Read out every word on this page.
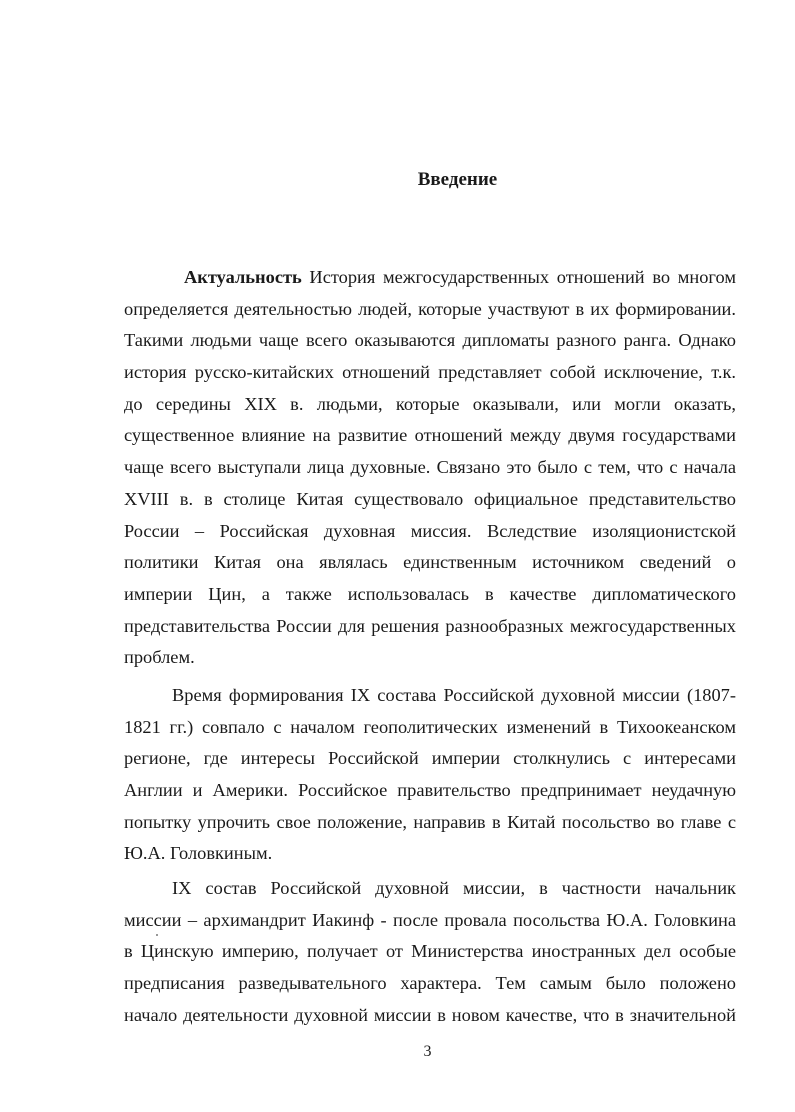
Введение
Актуальность История межгосударственных отношений во многом
определяется деятельностью людей, которые участвуют в их формировании.
Такими людьми чаще всего оказываются дипломаты разного ранга. Однако
история русско-китайских отношений представляет собой исключение, т.к.
до середины XIX в. людьми, которые оказывали, или могли оказать,
существенное влияние на развитие отношений между двумя государствами
чаще всего выступали лица духовные. Связано это было с тем, что с начала
XVIII в. в столице Китая существовало официальное представительство
России – Российская духовная миссия. Вследствие изоляционистской
политики Китая она являлась единственным источником сведений о
империи Цин, а также использовалась в качестве дипломатического
представительства России для решения разнообразных межгосударственных
проблем.
Время формирования IX состава Российской духовной миссии (1807-
1821 гг.) совпало с началом геополитических изменений в Тихоокеанском
регионе, где интересы Российской империи столкнулись с интересами
Англии и Америки. Российское правительство предпринимает неудачную
попытку упрочить свое положение, направив в Китай посольство во главе с
Ю.А. Головкиным.
IX состав Российской духовной миссии, в частности начальник
миссии – архимандрит Иакинф - после провала посольства Ю.А. Головкина
в Цинскую империю, получает от Министерства иностранных дел особые
предписания разведывательного характера. Тем самым было положено
начало деятельности духовной миссии в новом качестве, что в значительной
3
